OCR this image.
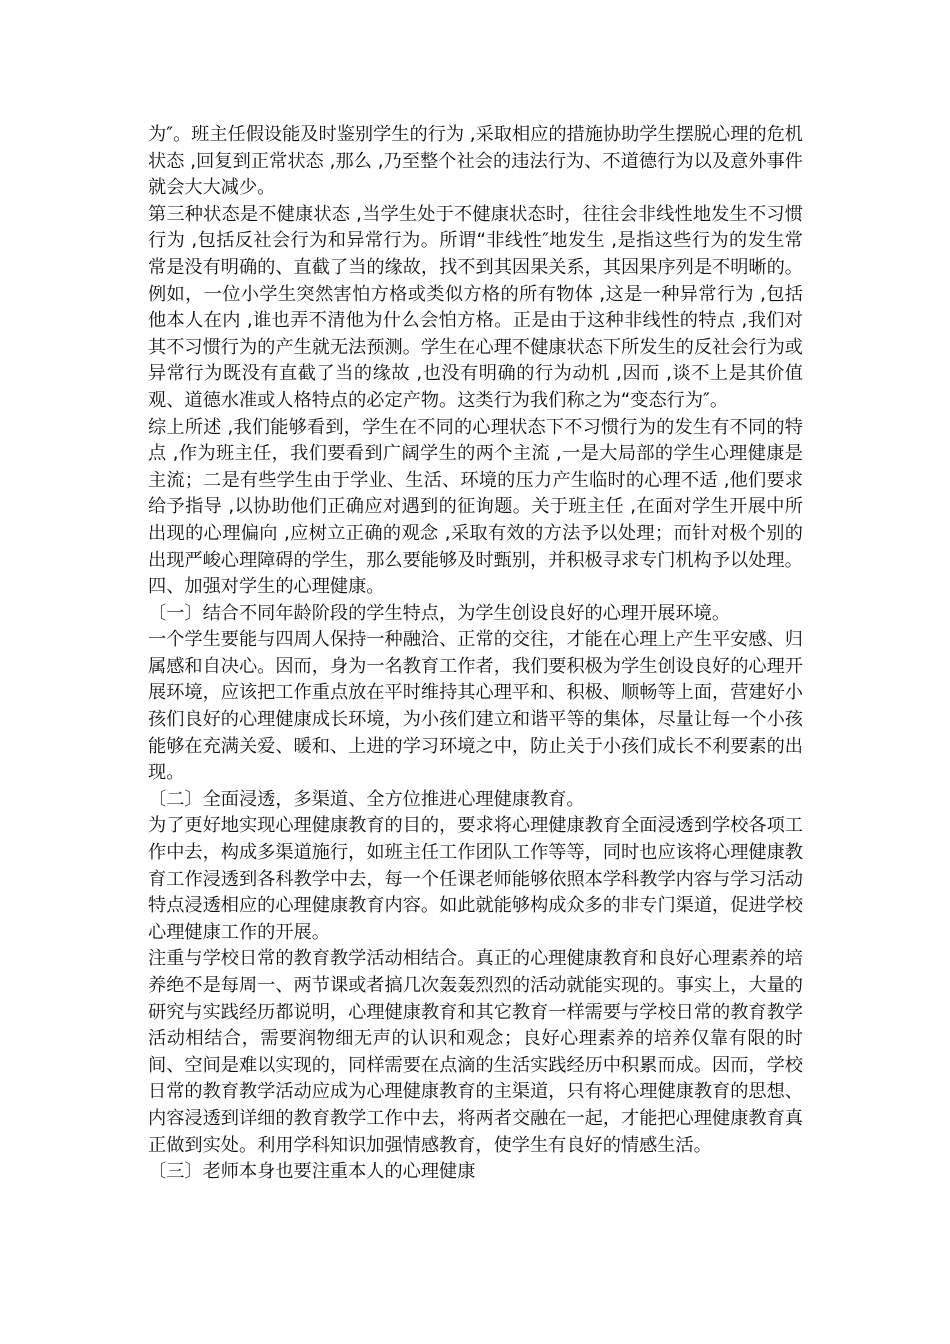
为″。班主任假设能及时鉴别学生的行为 ,采取相应的措施协助学生摆脱心理的危机状态 ,回复到正常状态 ,那么 ,乃至整个社会的违法行为、不道德行为以及意外事件就会大大减少。

第三种状态是不健康状态 ,当学生处于不健康状态时，往往会非线性地发生不习惯行为 ,包括反社会行为和异常行为。所谓“非线性″地发生 ,是指这些行为的发生常常是没有明确的、直截了当的缘故，找不到其因果关系，其因果序列是不明晰的。例如，一位小学生突然害怕方格或类似方格的所有物体 ,这是一种异常行为 ,包括他本人在内 ,谁也弄不清他为什么会怕方格。正是由于这种非线性的特点 ,我们对其不习惯行为的产生就无法预测。学生在心理不健康状态下所发生的反社会行为或异常行为既没有直截了当的缘故 ,也没有明确的行为动机 ,因而 ,谈不上是其价值观、道德水准或人格特点的必定产物。这类行为我们称之为“变态行为″。

综上所述 ,我们能够看到，学生在不同的心理状态下不习惯行为的发生有不同的特点 ,作为班主任，我们要看到广阔学生的两个主流 ,一是大局部的学生心理健康是主流；二是有些学生由于学业、生活、环境的压力产生临时的心理不适 ,他们要求给予指导 ,以协助他们正确应对遇到的征询题。关于班主任 ,在面对学生开展中所出现的心理偏向 ,应树立正确的观念 ,采取有效的方法予以处理；而针对极个别的出现严峻心理障碍的学生，那么要能够及时甄别，并积极寻求专门机构予以处理。

四、加强对学生的心理健康。

〔一〕结合不同年龄阶段的学生特点，为学生创设良好的心理开展环境。

一个学生要能与四周人保持一种融洽、正常的交往，才能在心理上产生平安感、归属感和自决心。因而，身为一名教育工作者，我们要积极为学生创设良好的心理开展环境，应该把工作重点放在平时维持其心理平和、积极、顺畅等上面，营建好小孩们良好的心理健康成长环境，为小孩们建立和谐平等的集体，尽量让每一个小孩能够在充满关爱、暖和、上进的学习环境之中，防止关于小孩们成长不利要素的出现。

〔二〕全面浸透，多渠道、全方位推进心理健康教育。

为了更好地实现心理健康教育的目的，要求将心理健康教育全面浸透到学校各项工作中去，构成多渠道施行，如班主任工作团队工作等等，同时也应该将心理健康教育工作浸透到各科教学中去，每一个任课老师能够依照本学科教学内容与学习活动特点浸透相应的心理健康教育内容。如此就能够构成众多的非专门渠道，促进学校心理健康工作的开展。

注重与学校日常的教育教学活动相结合。真正的心理健康教育和良好心理素养的培养绝不是每周一、两节课或者搞几次轰轰烈烈的活动就能实现的。事实上，大量的研究与实践经历都说明，心理健康教育和其它教育一样需要与学校日常的教育教学活动相结合，需要润物细无声的认识和观念；良好心理素养的培养仅靠有限的时间、空间是难以实现的，同样需要在点滴的生活实践经历中积累而成。因而，学校日常的教育教学活动应成为心理健康教育的主渠道，只有将心理健康教育的思想、内容浸透到详细的教育教学工作中去，将两者交融在一起，才能把心理健康教育真正做到实处。利用学科知识加强情感教育，使学生有良好的情感生活。

〔三〕老师本身也要注重本人的心理健康
